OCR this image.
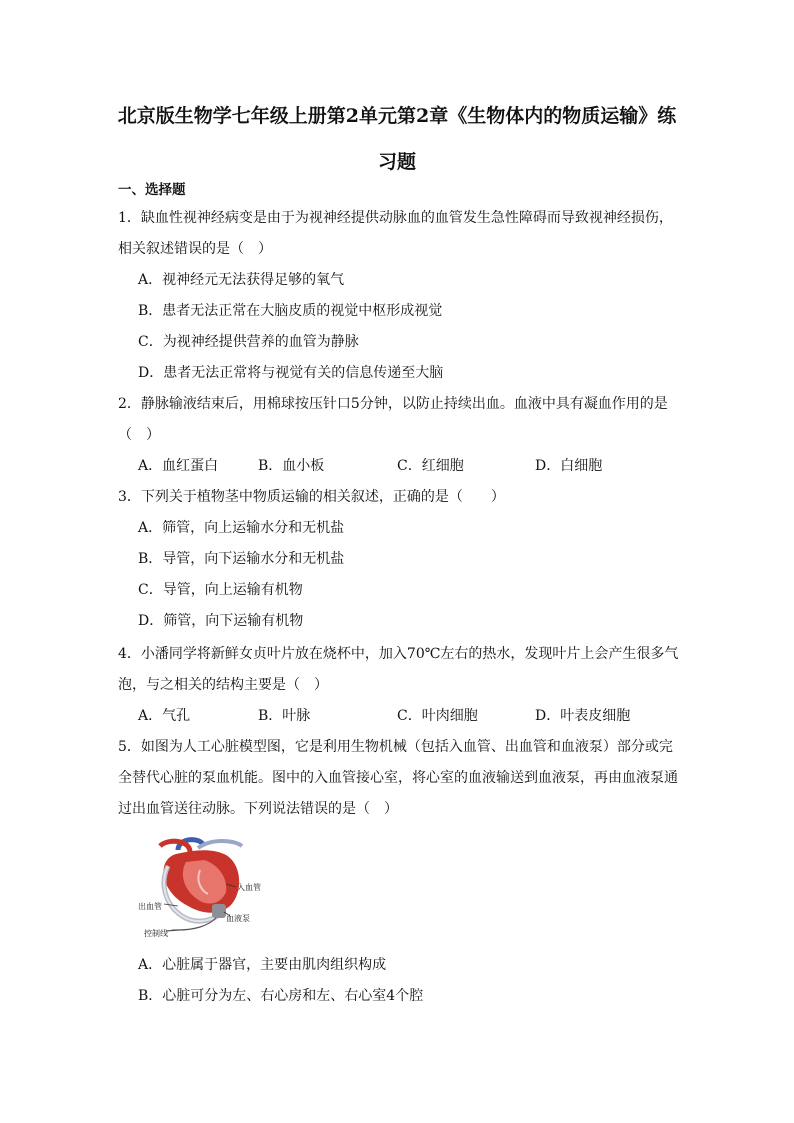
北京版生物学七年级上册第2单元第2章《生物体内的物质运输》练
习题
一、选择题
1．缺血性视神经病变是由于为视神经提供动脉血的血管发生急性障碍而导致视神经损伤，
相关叙述错误的是（　）
A．视神经元无法获得足够的氧气
B．患者无法正常在大脑皮质的视觉中枢形成视觉
C．为视神经提供营养的血管为静脉
D．患者无法正常将与视觉有关的信息传递至大脑
2．静脉输液结束后，用棉球按压针口5分钟，以防止持续出血。血液中具有凝血作用的是
（　）
A．血红蛋白	B．血小板	C．红细胞	D．白细胞
3．下列关于植物茎中物质运输的相关叙述，正确的是（　　）
A．筛管，向上运输水分和无机盐
B．导管，向下运输水分和无机盐
C．导管，向上运输有机物
D．筛管，向下运输有机物
4．小潘同学将新鲜女贞叶片放在烧杯中，加入70℃左右的热水，发现叶片上会产生很多气
泡，与之相关的结构主要是（　）
A．气孔	B．叶脉	C．叶肉细胞	D．叶表皮细胞
5．如图为人工心脏模型图，它是利用生物机械（包括入血管、出血管和血液泵）部分或完
全替代心脏的泵血机能。图中的入血管接心室，将心室的血液输送到血液泵，再由血液泵通
过出血管送往动脉。下列说法错误的是（　）
入血管
出血管
血液泵
控制线
A．心脏属于器官，主要由肌肉组织构成
B．心脏可分为左、右心房和左、右心室4个腔
